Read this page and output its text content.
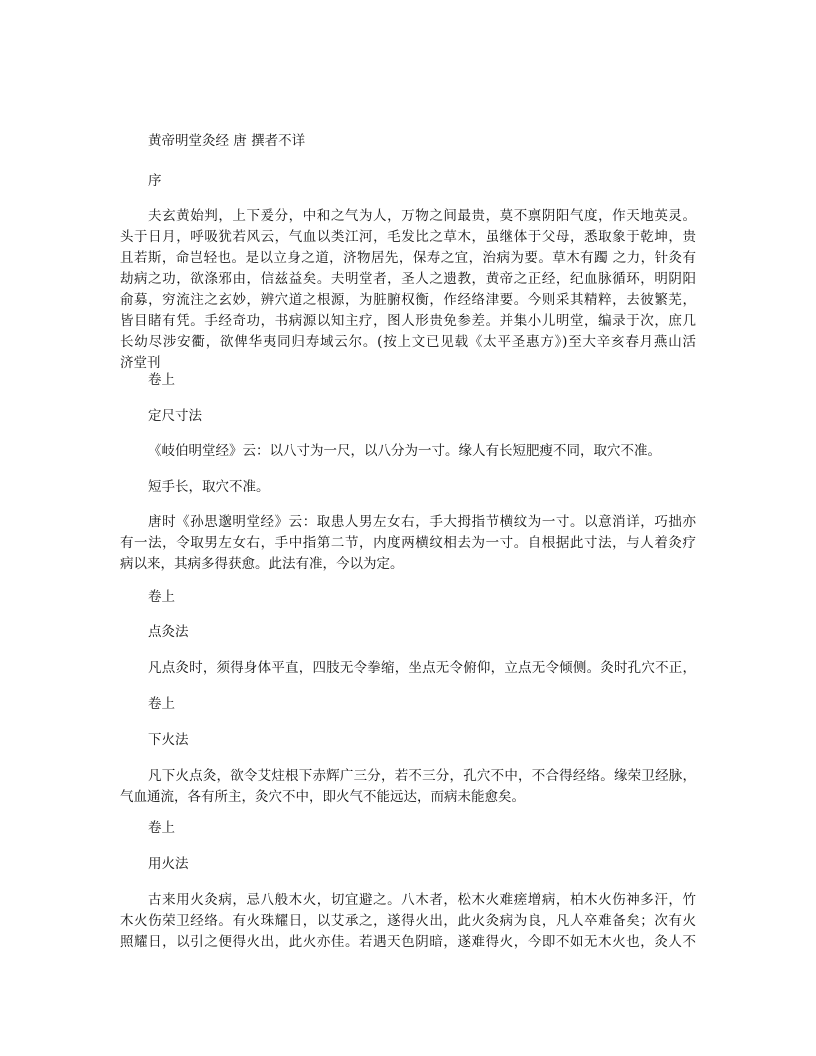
黄帝明堂灸经 唐 撰者不详
序
夫玄黄始判，上下爰分，中和之气为人，万物之间最贵，莫不禀阴阳气度，作天地英灵。
头于日月，呼吸犹若风云，气血以类江河，毛发比之草木，虽继体于父母，悉取象于乾坤，贵
且若斯，命岂轻也。是以立身之道，济物居先，保寿之宜，治病为要。草木有躅 之力，针灸有
劫病之功，欲涤邪由，信兹益矣。夫明堂者，圣人之遗教，黄帝之正经，纪血脉循环，明阴阳
俞募，穷流注之玄妙，辨穴道之根源，为脏腑权衡，作经络津要。今则采其精粹，去彼繁芜，
皆目睹有凭。手经奇功，书病源以知主疗，图人形贵免参差。并集小儿明堂，编录于次，庶几
长幼尽涉安衢，欲俾华夷同归寿域云尔。(按上文已见载《太平圣惠方》)至大辛亥春月燕山活
济堂刊
卷上
定尺寸法
《岐伯明堂经》云：以八寸为一尺，以八分为一寸。缘人有长短肥瘦不同，取穴不准。
短手长，取穴不准。
唐时《孙思邈明堂经》云：取患人男左女右，手大拇指节横纹为一寸。以意消详，巧拙亦
有一法，令取男左女右，手中指第二节，内度两横纹相去为一寸。自根据此寸法，与人着灸疗
病以来，其病多得获愈。此法有准，今以为定。
卷上
点灸法
凡点灸时，须得身体平直，四肢无令拳缩，坐点无令俯仰，立点无令倾侧。灸时孔穴不正，
卷上
下火法
凡下火点灸，欲令艾炷根下赤辉广三分，若不三分，孔穴不中，不合得经络。缘荣卫经脉，
气血通流，各有所主，灸穴不中，即火气不能远达，而病未能愈矣。
卷上
用火法
古来用火灸病，忌八般木火，切宜避之。八木者，松木火难瘥增病，柏木火伤神多汗，竹
木火伤荣卫经络。有火珠耀日，以艾承之，遂得火出，此火灸病为良，凡人卒难备矣；次有火
照耀日，以引之便得火出，此火亦佳。若遇天色阴暗，遂难得火，今即不如无木火也，灸人不
